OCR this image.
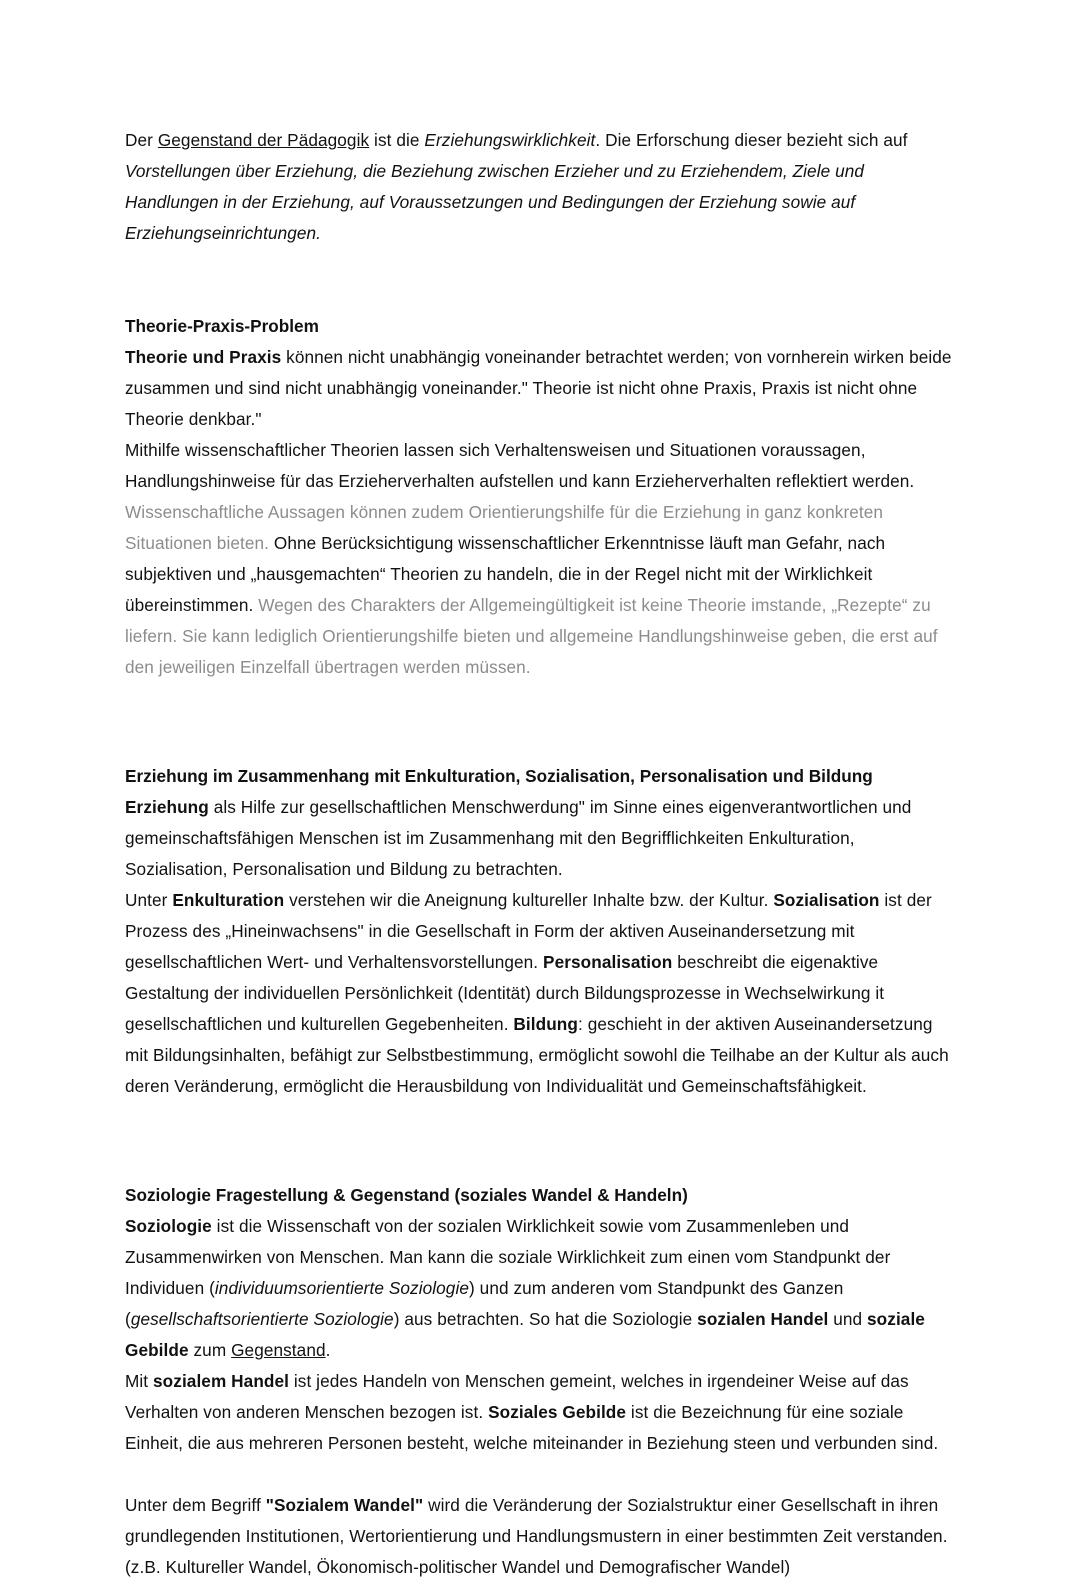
Der Gegenstand der Pädagogik ist die Erziehungswirklichkeit. Die Erforschung dieser bezieht sich auf Vorstellungen über Erziehung, die Beziehung zwischen Erzieher und zu Erziehendem, Ziele und Handlungen in der Erziehung, auf Voraussetzungen und Bedingungen der Erziehung sowie auf Erziehungseinrichtungen.

Theorie-Praxis-Problem

Theorie und Praxis können nicht unabhängig voneinander betrachtet werden; von vornherein wirken beide zusammen und sind nicht unabhängig voneinander." Theorie ist nicht ohne Praxis, Praxis ist nicht ohne Theorie denkbar."

Mithilfe wissenschaftlicher Theorien lassen sich Verhaltensweisen und Situationen voraussagen, Handlungshinweise für das Erzieherverhalten aufstellen und kann Erzieherverhalten reflektiert werden. Wissenschaftliche Aussagen können zudem Orientierungshilfe für die Erziehung in ganz konkreten Situationen bieten. Ohne Berücksichtigung wissenschaftlicher Erkenntnisse läuft man Gefahr, nach subjektiven und „hausgemachten“ Theorien zu handeln, die in der Regel nicht mit der Wirklichkeit übereinstimmen. Wegen des Charakters der Allgemeingültigkeit ist keine Theorie imstande, „Rezepte“ zu liefern. Sie kann lediglich Orientierungshilfe bieten und allgemeine Handlungshinweise geben, die erst auf den jeweiligen Einzelfall übertragen werden müssen.

Erziehung im Zusammenhang mit Enkulturation, Sozialisation, Personalisation und Bildung

Erziehung als Hilfe zur gesellschaftlichen Menschwerdung" im Sinne eines eigenverantwortlichen und gemeinschaftsfähigen Menschen ist im Zusammenhang mit den Begrifflichkeiten Enkulturation, Sozialisation, Personalisation und Bildung zu betrachten.

Unter Enkulturation verstehen wir die Aneignung kultureller Inhalte bzw. der Kultur. Sozialisation ist der Prozess des „Hineinwachsens" in die Gesellschaft in Form der aktiven Auseinandersetzung mit gesellschaftlichen Wert- und Verhaltensvorstellungen. Personalisation beschreibt die eigenaktive Gestaltung der individuellen Persönlichkeit (Identität) durch Bildungsprozesse in Wechselwirkung it gesellschaftlichen und kulturellen Gegebenheiten. Bildung: geschieht in der aktiven Auseinandersetzung mit Bildungsinhalten, befähigt zur Selbstbestimmung, ermöglicht sowohl die Teilhabe an der Kultur als auch deren Veränderung, ermöglicht die Herausbildung von Individualität und Gemeinschaftsfähigkeit.

Soziologie Fragestellung & Gegenstand (soziales Wandel & Handeln)

Soziologie ist die Wissenschaft von der sozialen Wirklichkeit sowie vom Zusammenleben und Zusammenwirken von Menschen. Man kann die soziale Wirklichkeit zum einen vom Standpunkt der Individuen (individuumsorientierte Soziologie) und zum anderen vom Standpunkt des Ganzen (gesellschaftsorientierte Soziologie) aus betrachten. So hat die Soziologie sozialen Handel und soziale Gebilde zum Gegenstand.

Mit sozialem Handel ist jedes Handeln von Menschen gemeint, welches in irgendeiner Weise auf das Verhalten von anderen Menschen bezogen ist. Soziales Gebilde ist die Bezeichnung für eine soziale Einheit, die aus mehreren Personen besteht, welche miteinander in Beziehung steen und verbunden sind.

Unter dem Begriff "Sozialem Wandel" wird die Veränderung der Sozialstruktur einer Gesellschaft in ihren grundlegenden Institutionen, Wertorientierung und Handlungsmustern in einer bestimmten Zeit verstanden. (z.B. Kultureller Wandel, Ökonomisch-politischer Wandel und Demografischer Wandel)
